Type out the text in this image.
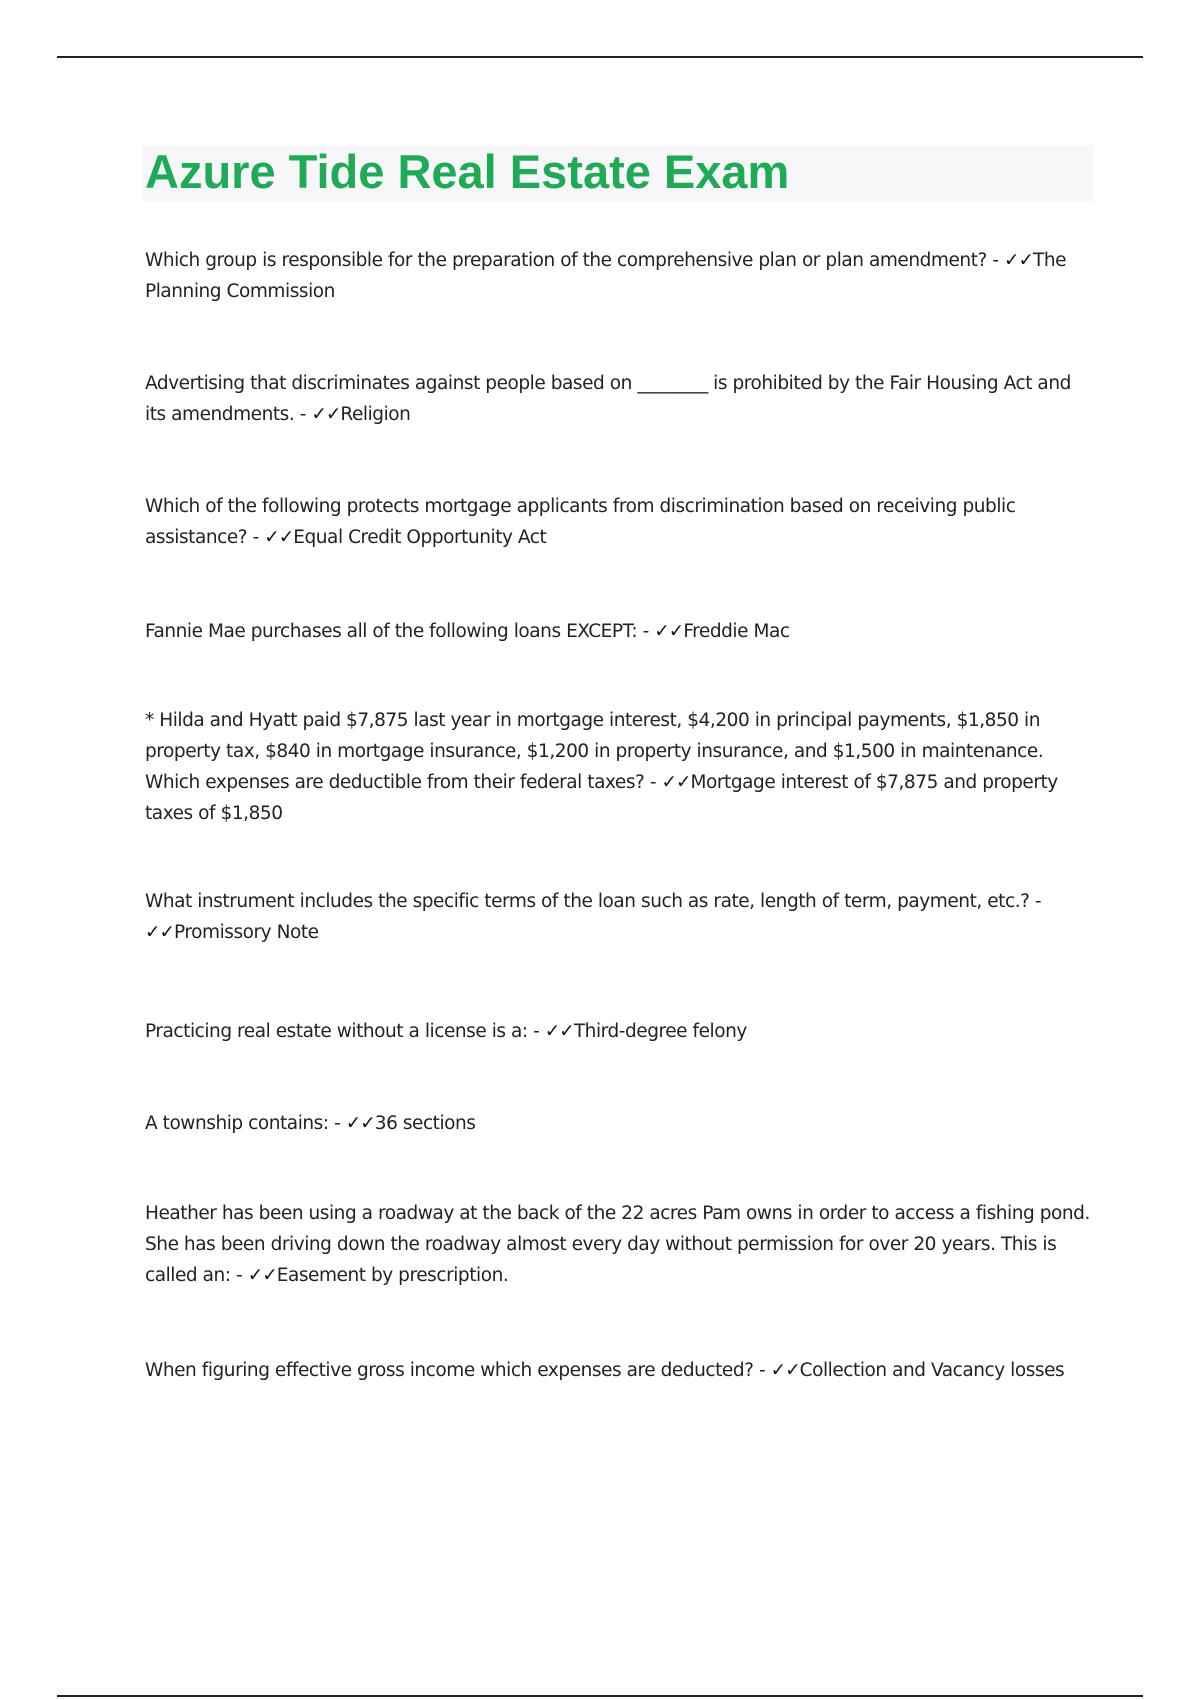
Azure Tide Real Estate Exam

Which group is responsible for the preparation of the comprehensive plan or plan amendment? - ✓✓The Planning Commission

Advertising that discriminates against people based on ________ is prohibited by the Fair Housing Act and its amendments. - ✓✓Religion

Which of the following protects mortgage applicants from discrimination based on receiving public assistance? - ✓✓Equal Credit Opportunity Act

Fannie Mae purchases all of the following loans EXCEPT: - ✓✓Freddie Mac

* Hilda and Hyatt paid $7,875 last year in mortgage interest, $4,200 in principal payments, $1,850 in property tax, $840 in mortgage insurance, $1,200 in property insurance, and $1,500 in maintenance. Which expenses are deductible from their federal taxes? - ✓✓Mortgage interest of $7,875 and property taxes of $1,850

What instrument includes the specific terms of the loan such as rate, length of term, payment, etc.? - ✓✓Promissory Note

Practicing real estate without a license is a: - ✓✓Third-degree felony

A township contains: - ✓✓36 sections

Heather has been using a roadway at the back of the 22 acres Pam owns in order to access a fishing pond. She has been driving down the roadway almost every day without permission for over 20 years. This is called an: - ✓✓Easement by prescription.

When figuring effective gross income which expenses are deducted? - ✓✓Collection and Vacancy losses
